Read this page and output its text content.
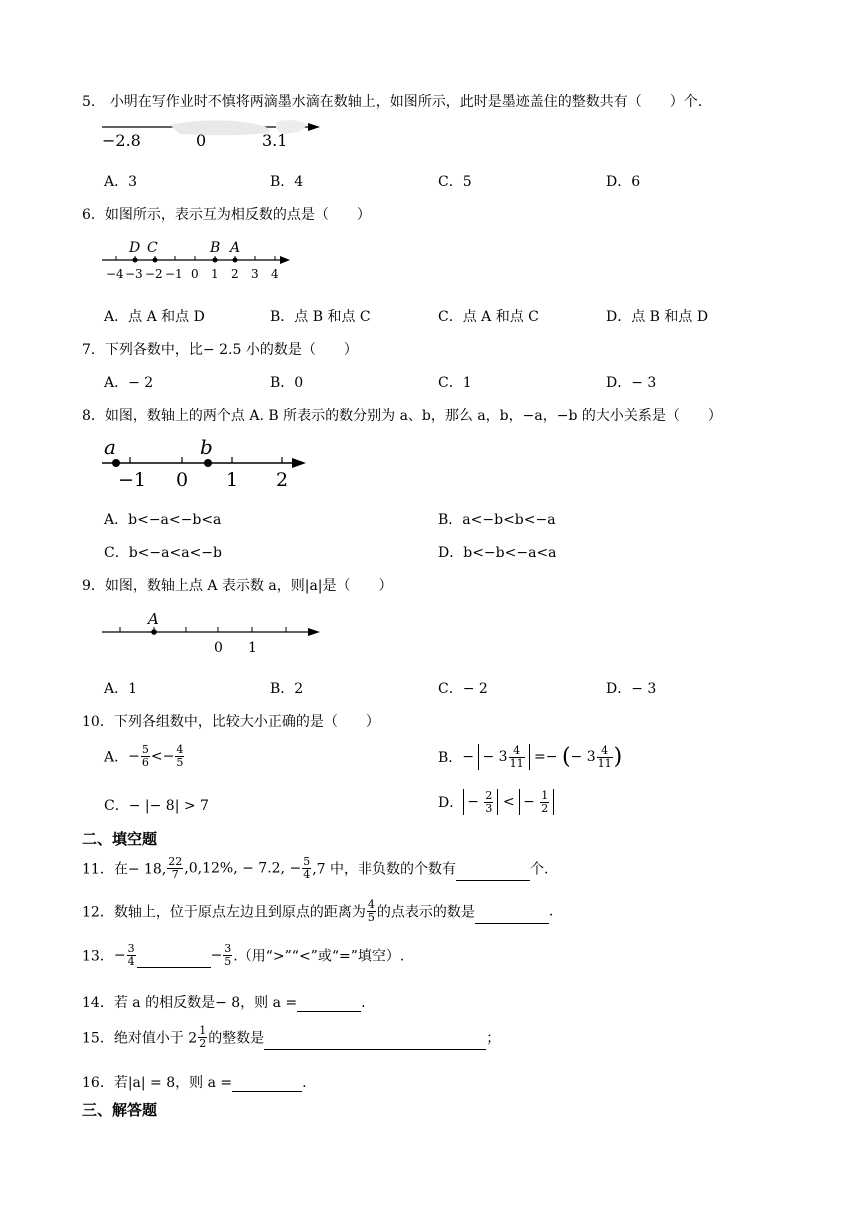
5. 小明在写作业时不慎将两滴墨水滴在数轴上，如图所示，此时是墨迹盖住的整数共有（　　）个.
−2.8	0	3.1
A．3	B．4	C．5	D．6
6．如图所示，表示互为相反数的点是（　　）
D C	B A
−4 −3 −2 −1 0 1 2 3 4
A．点 A 和点 D	B．点 B 和点 C	C．点 A 和点 C	D．点 B 和点 D
7．下列各数中，比− 2.5 小的数是（　　）
A．− 2	B．0	C．1	D．− 3
8．如图，数轴上的两个点 A. B 所表示的数分别为 a、b，那么 a，b，−a，−b 的大小关系是（　　）
a	b
−1 0 1 2
A．b<−a<−b<a	B．a<−b<b<−a
C．b<−a<a<−b	D．b<−b<−a<a
9．如图，数轴上点 A 表示数 a，则|a|是（　　）
A
0 1
A．1	B．2	C．− 2	D．− 3
10．下列各组数中，比较大小正确的是（　　）
A．− $\frac{5}{6} <- \frac{4}{5}$	B．− − $3 \frac{4}{11}$ =− (− $3 \frac{4}{11}$ )
C．− |− 8| > 7	D． − $\frac{2}{3}$ < − $\frac{1}{2}$
二、填空题
11．在− 18, $\frac{22}{7} ,0,12\%$, − 7.2, − $\frac{5}{4} ,7$ 中，非负数的个数有	个.
12．数轴上，位于原点左边且到原点的距离为 $\frac{4}{5}$ 的点表示的数是	.
13．− $\frac{3}{4}$	− $\frac{3}{5}$ .（用“>”“<”或“=”填空）.
14．若 a 的相反数是− 8，则 a =	.
15．绝对值小于 $2 \frac{1}{2}$ 的整数是	；
16．若|a| = 8，则 a =	.
三、解答题
